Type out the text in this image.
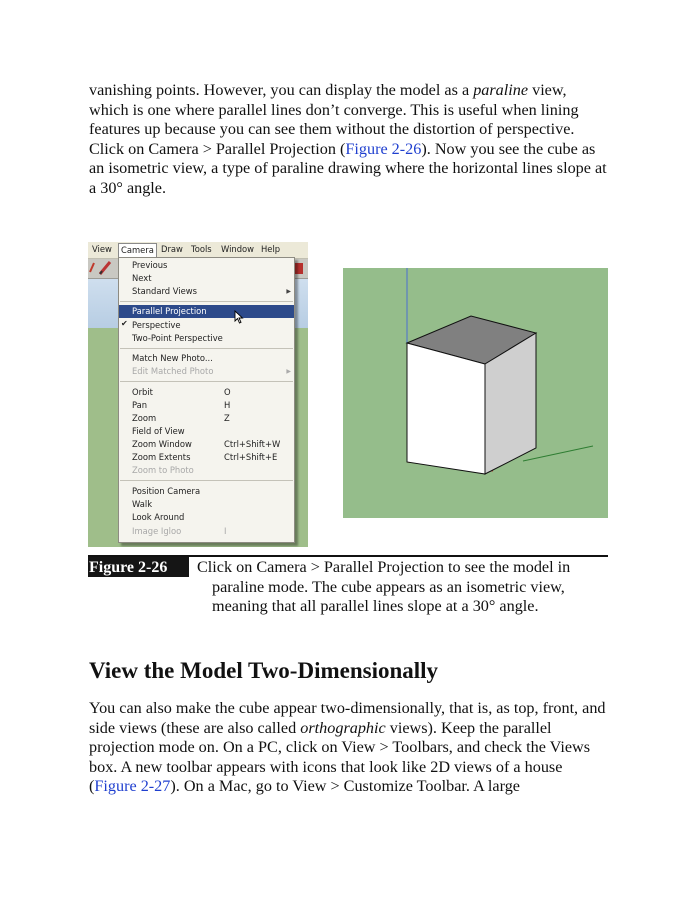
vanishing points. However, you can display the model as a paraline view, which is one where parallel lines don’t converge. This is useful when lining features up because you can see them without the distortion of perspective. Click on Camera > Parallel Projection (Figure 2-26). Now you see the cube as an isometric view, a type of paraline drawing where the horizontal lines slope at a 30° angle.

View	Camera Draw Tools Window Help
Previous
Next
Standard Views	▶
Parallel Projection
✔ Perspective
Two-Point Perspective
Match New Photo...
Edit Matched Photo	▶
Orbit	O
Pan	H
Zoom	Z
Field of View
Zoom Window	Ctrl+Shift+W
Zoom Extents	Ctrl+Shift+E
Zoom to Photo
Position Camera
Walk
Look Around
Image Igloo	I
Figure 2-26	Click on Camera > Parallel Projection to see the model in paraline mode. The cube appears as an isometric view, meaning that all parallel lines slope at a 30° angle.

View the Model Two-Dimensionally

You can also make the cube appear two-dimensionally, that is, as top, front, and side views (these are also called orthographic views). Keep the parallel projection mode on. On a PC, click on View > Toolbars, and check the Views box. A new toolbar appears with icons that look like 2D views of a house (Figure 2-27). On a Mac, go to View > Customize Toolbar. A large
